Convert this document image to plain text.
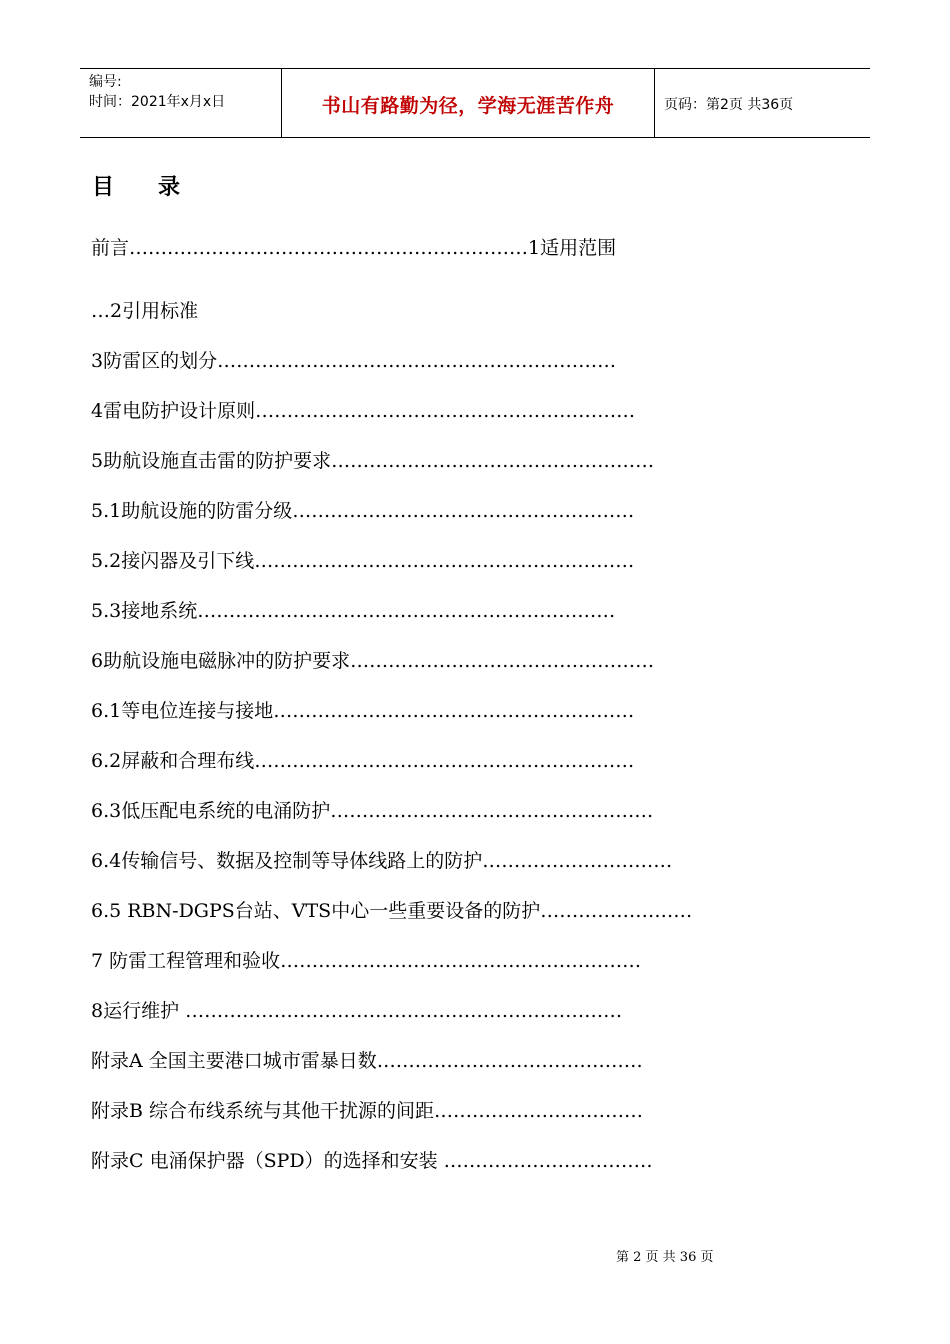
编号:
时间：2021年x月x日	书山有路勤为径，学海无涯苦作舟	页码：第2页 共36页
目 录
前言………………………………………………………1适用范围
…2引用标准
3防雷区的划分………………………………………………………
4雷电防护设计原则……………………………………………………
5助航设施直击雷的防护要求……………………………………………
5.1助航设施的防雷分级………………………………………………
5.2接闪器及引下线……………………………………………………
5.3接地系统…………………………………………………………
6助航设施电磁脉冲的防护要求…………………………………………
6.1等电位连接与接地…………………………………………………
6.2屏蔽和合理布线……………………………………………………
6.3低压配电系统的电涌防护……………………………………………
6.4传输信号、数据及控制等导体线路上的防护…………………………
6.5 RBN-DGPS台站、VTS中心一些重要设备的防护……………………
7 防雷工程管理和验收…………………………………………………
8运行维护 ……………………………………………………………
附录A 全国主要港口城市雷暴日数……………………………………
附录B 综合布线系统与其他干扰源的间距……………………………
附录C 电涌保护器（SPD）的选择和安装 ……………………………
第 2 页 共 36 页
